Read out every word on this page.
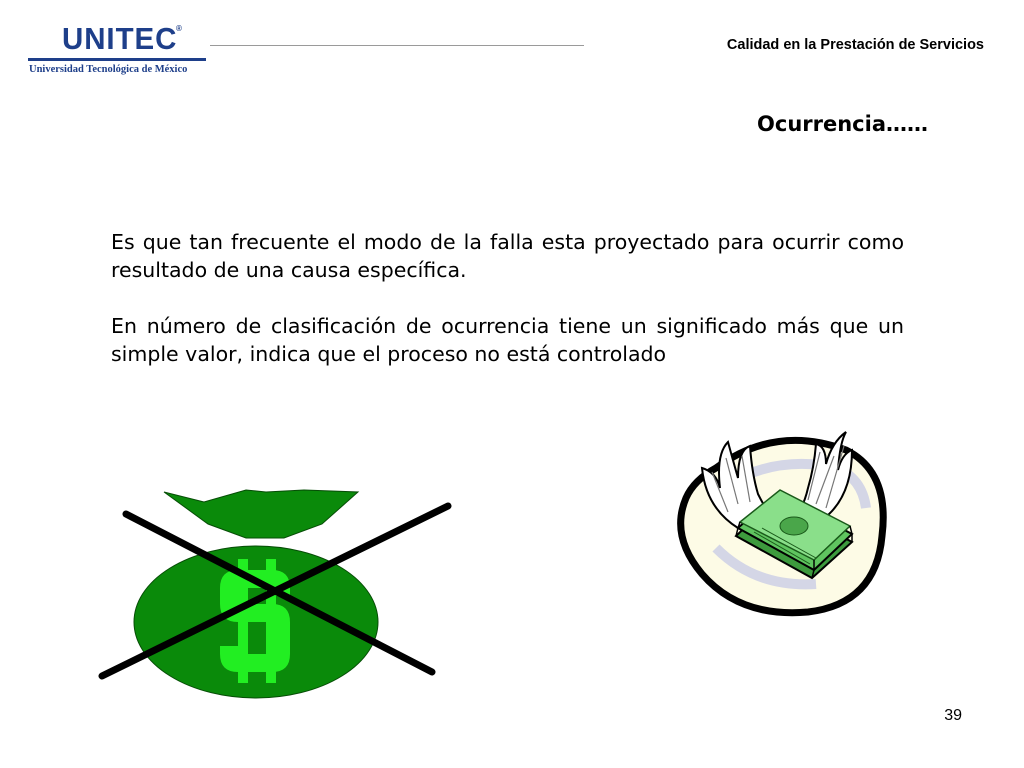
UNITEC
®
Universidad Tecnológica de México
Calidad en la Prestación de Servicios
Ocurrencia……

Es que tan frecuente el modo de la falla esta proyectado para ocurrir como resultado de una causa específica.

En número de clasificación de ocurrencia tiene un significado más que un simple valor, indica que el proceso no está controlado

39
